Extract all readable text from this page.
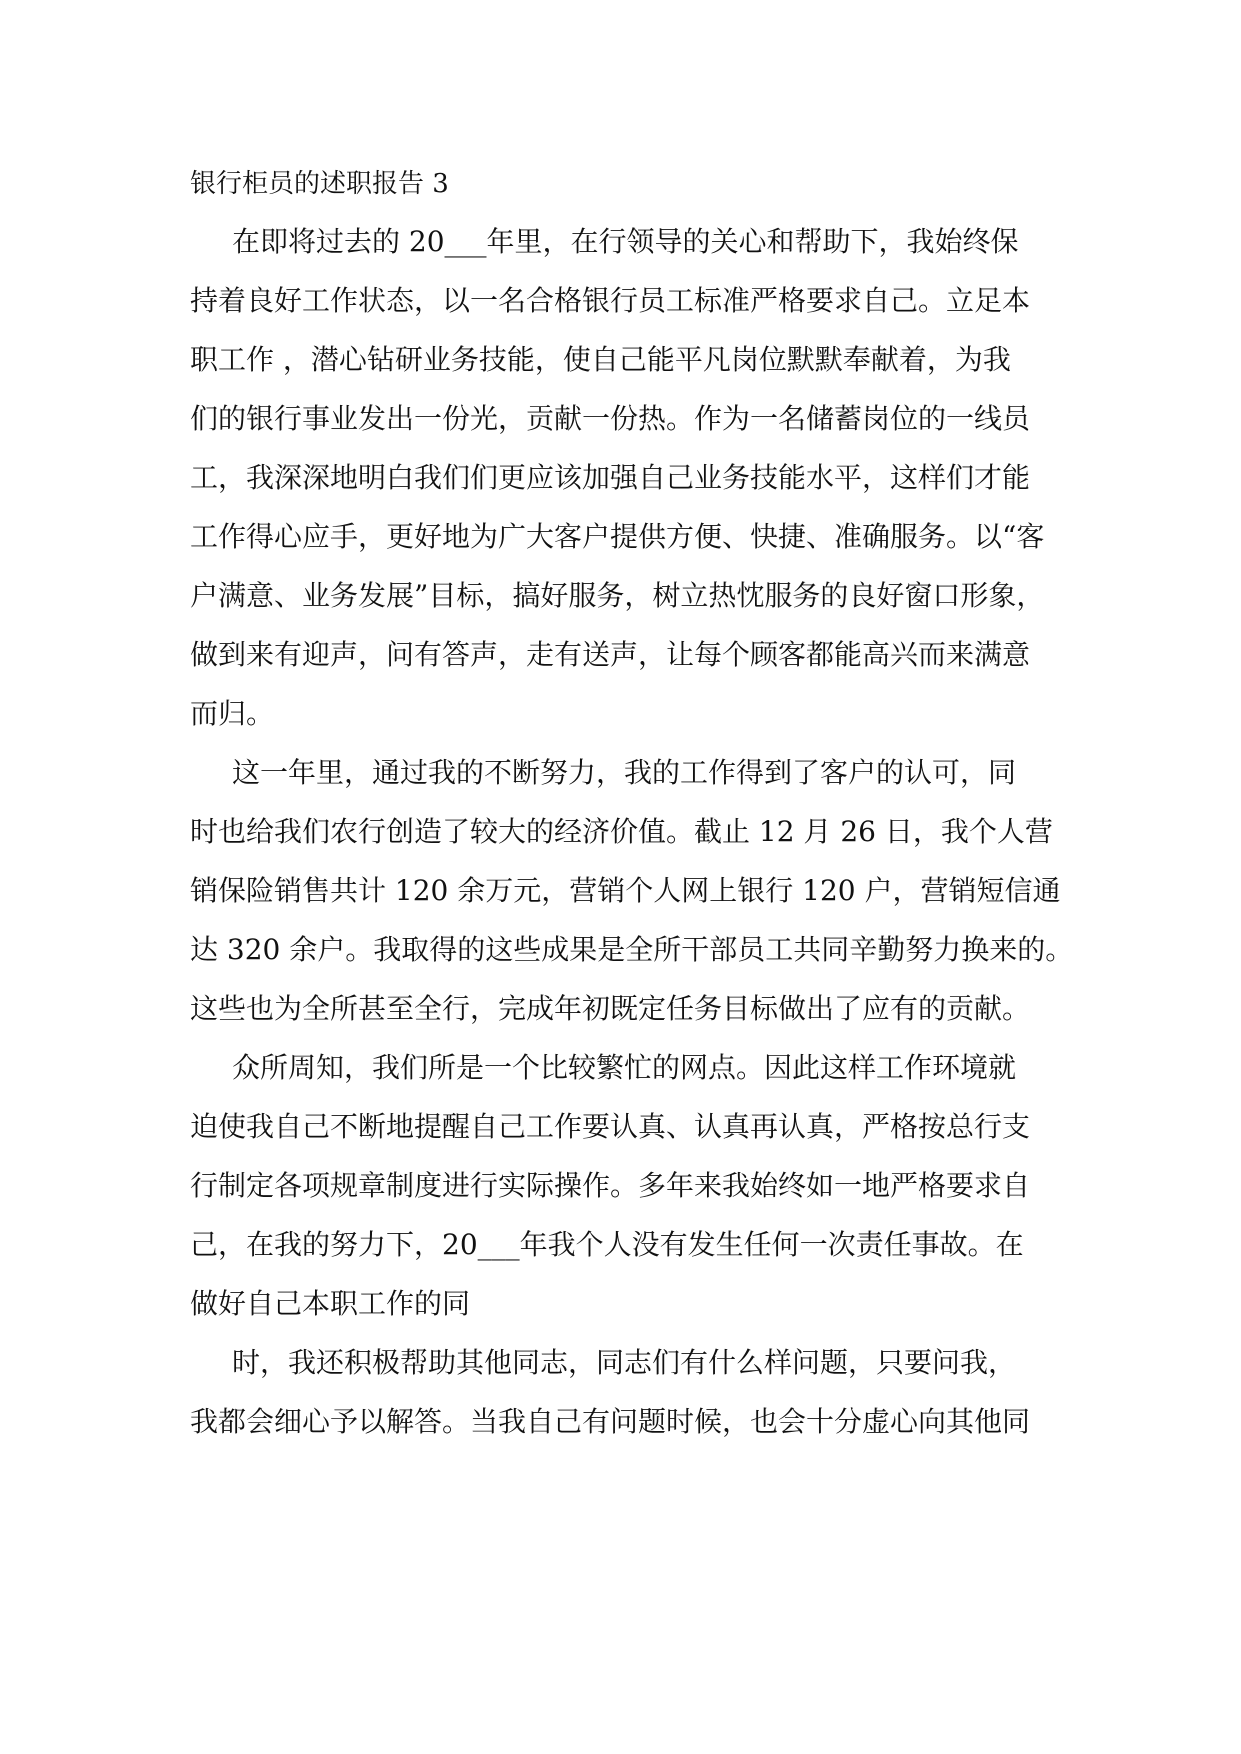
银行柜员的述职报告 3

在即将过去的 20___年里，在行领导的关心和帮助下，我始终保

持着良好工作状态，以一名合格银行员工标准严格要求自己。立足本

职工作 ，潜心钻研业务技能，使自己能平凡岗位默默奉献着，为我

们的银行事业发出一份光，贡献一份热。作为一名储蓄岗位的一线员

工，我深深地明白我们们更应该加强自己业务技能水平，这样们才能

工作得心应手，更好地为广大客户提供方便、快捷、准确服务。以“客

户满意、业务发展”目标，搞好服务，树立热忱服务的良好窗口形象，

做到来有迎声，问有答声，走有送声，让每个顾客都能高兴而来满意

而归。

这一年里，通过我的不断努力，我的工作得到了客户的认可，同

时也给我们农行创造了较大的经济价值。截止 12 月 26 日，我个人营

销保险销售共计 120 余万元，营销个人网上银行 120 户，营销短信通

达 320 余户。我取得的这些成果是全所干部员工共同辛勤努力换来的。

这些也为全所甚至全行，完成年初既定任务目标做出了应有的贡献。

众所周知，我们所是一个比较繁忙的网点。因此这样工作环境就

迫使我自己不断地提醒自己工作要认真、认真再认真，严格按总行支

行制定各项规章制度进行实际操作。多年来我始终如一地严格要求自

己，在我的努力下，20___年我个人没有发生任何一次责任事故。在

做好自己本职工作的同

时，我还积极帮助其他同志，同志们有什么样问题，只要问我，

我都会细心予以解答。当我自己有问题时候，也会十分虚心向其他同
